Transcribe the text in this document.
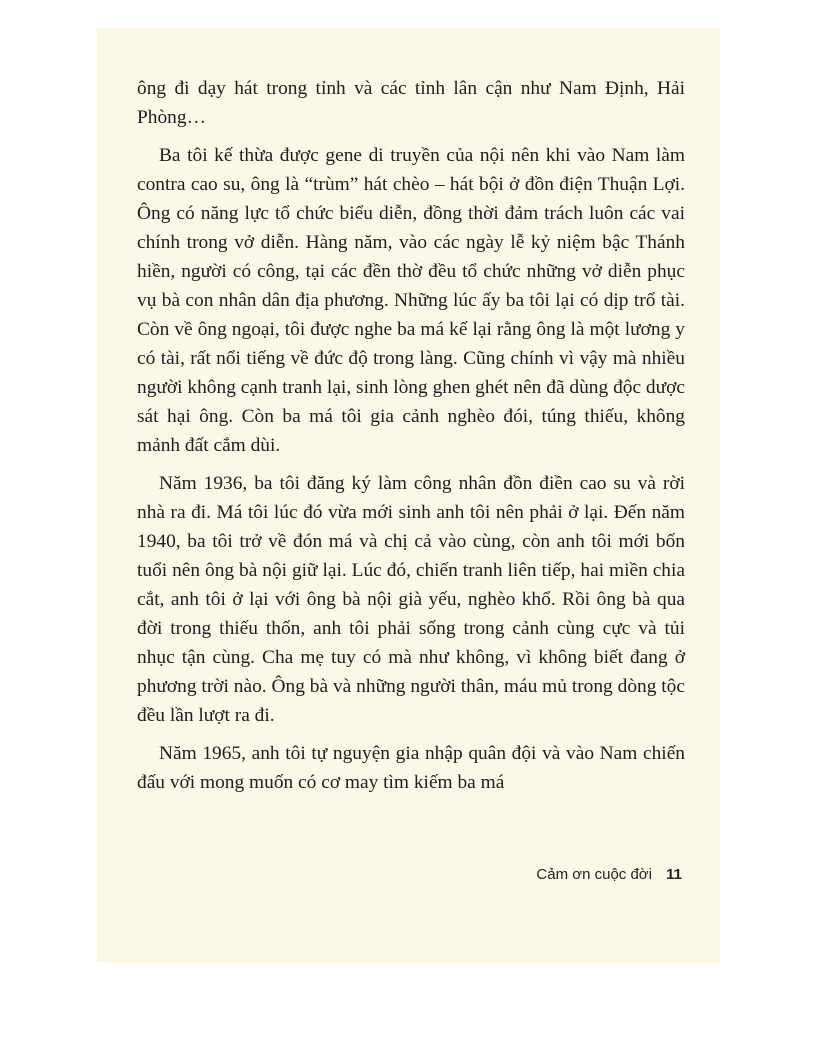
ông đi dạy hát trong tỉnh và các tỉnh lân cận như Nam Định, Hải Phòng…

Ba tôi kế thừa được gene di truyền của nội nên khi vào Nam làm contra cao su, ông là “trùm” hát chèo – hát bội ở đồn điện Thuận Lợi. Ông có năng lực tổ chức biểu diễn, đồng thời đảm trách luôn các vai chính trong vở diễn. Hàng năm, vào các ngày lễ kỷ niệm bậc Thánh hiền, người có công, tại các đền thờ đều tổ chức những vở diễn phục vụ bà con nhân dân địa phương. Những lúc ấy ba tôi lại có dịp trổ tài. Còn về ông ngoại, tôi được nghe ba má kể lại rằng ông là một lương y có tài, rất nổi tiếng về đức độ trong làng. Cũng chính vì vậy mà nhiều người không cạnh tranh lại, sinh lòng ghen ghét nên đã dùng độc dược sát hại ông. Còn ba má tôi gia cảnh nghèo đói, túng thiếu, không mảnh đất cắm dùi.

Năm 1936, ba tôi đăng ký làm công nhân đồn điền cao su và rời nhà ra đi. Má tôi lúc đó vừa mới sinh anh tôi nên phải ở lại. Đến năm 1940, ba tôi trở về đón má và chị cả vào cùng, còn anh tôi mới bốn tuổi nên ông bà nội giữ lại. Lúc đó, chiến tranh liên tiếp, hai miền chia cắt, anh tôi ở lại với ông bà nội già yếu, nghèo khổ. Rồi ông bà qua đời trong thiếu thốn, anh tôi phải sống trong cảnh cùng cực và tủi nhục tận cùng. Cha mẹ tuy có mà như không, vì không biết đang ở phương trời nào. Ông bà và những người thân, máu mủ trong dòng tộc đều lần lượt ra đi.

Năm 1965, anh tôi tự nguyện gia nhập quân đội và vào Nam chiến đấu với mong muốn có cơ may tìm kiếm ba má

Cảm ơn cuộc đời 11
